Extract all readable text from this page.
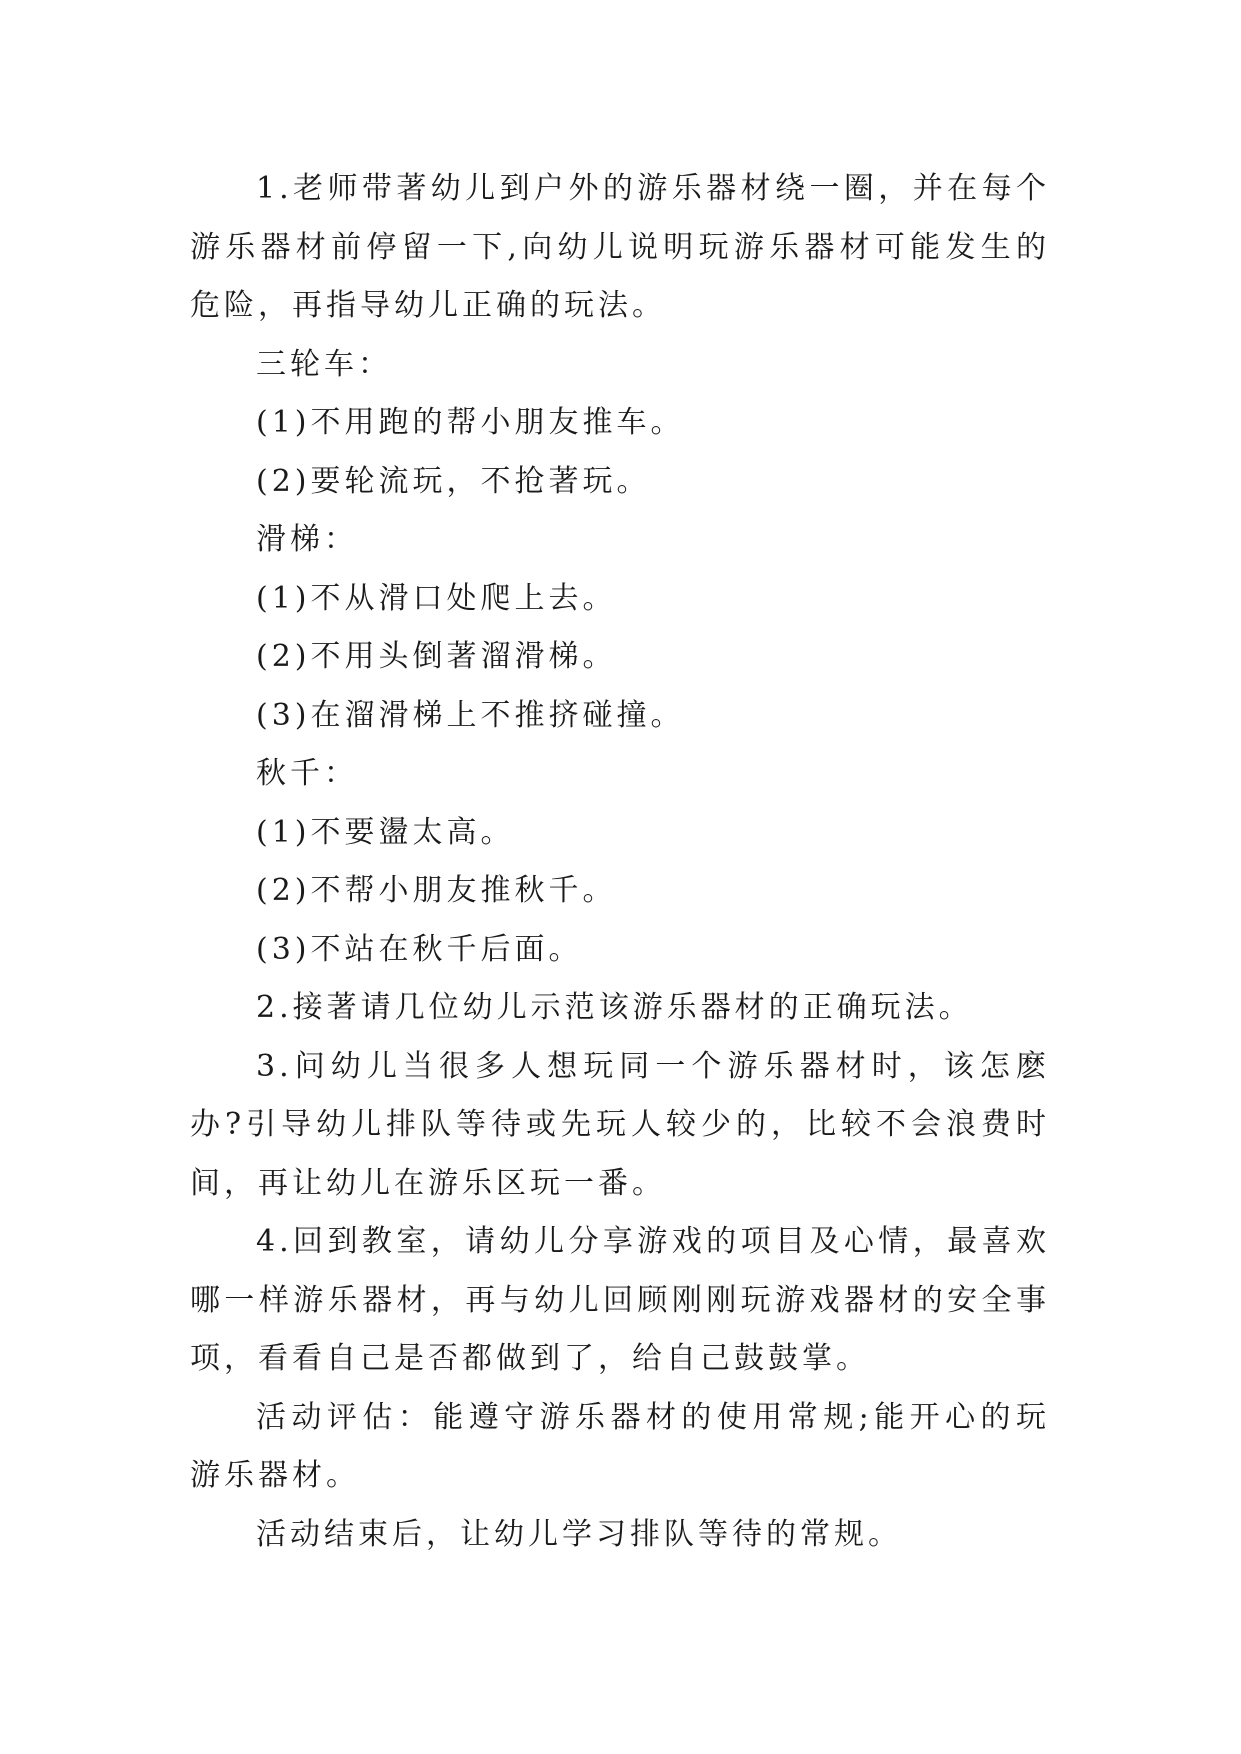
1.老师带著幼儿到户外的游乐器材绕一圈，并在每个游乐器材前停留一下,向幼儿说明玩游乐器材可能发生的危险，再指导幼儿正确的玩法。

三轮车：

(1)不用跑的帮小朋友推车。

(2)要轮流玩，不抢著玩。

滑梯：

(1)不从滑口处爬上去。

(2)不用头倒著溜滑梯。

(3)在溜滑梯上不推挤碰撞。

秋千：

(1)不要盪太高。

(2)不帮小朋友推秋千。

(3)不站在秋千后面。

2.接著请几位幼儿示范该游乐器材的正确玩法。

3.问幼儿当很多人想玩同一个游乐器材时，该怎麽办?引导幼儿排队等待或先玩人较少的，比较不会浪费时间，再让幼儿在游乐区玩一番。

4.回到教室，请幼儿分享游戏的项目及心情，最喜欢哪一样游乐器材，再与幼儿回顾刚刚玩游戏器材的安全事项，看看自己是否都做到了，给自己鼓鼓掌。

活动评估：能遵守游乐器材的使用常规;能开心的玩游乐器材。

活动结束后，让幼儿学习排队等待的常规。
